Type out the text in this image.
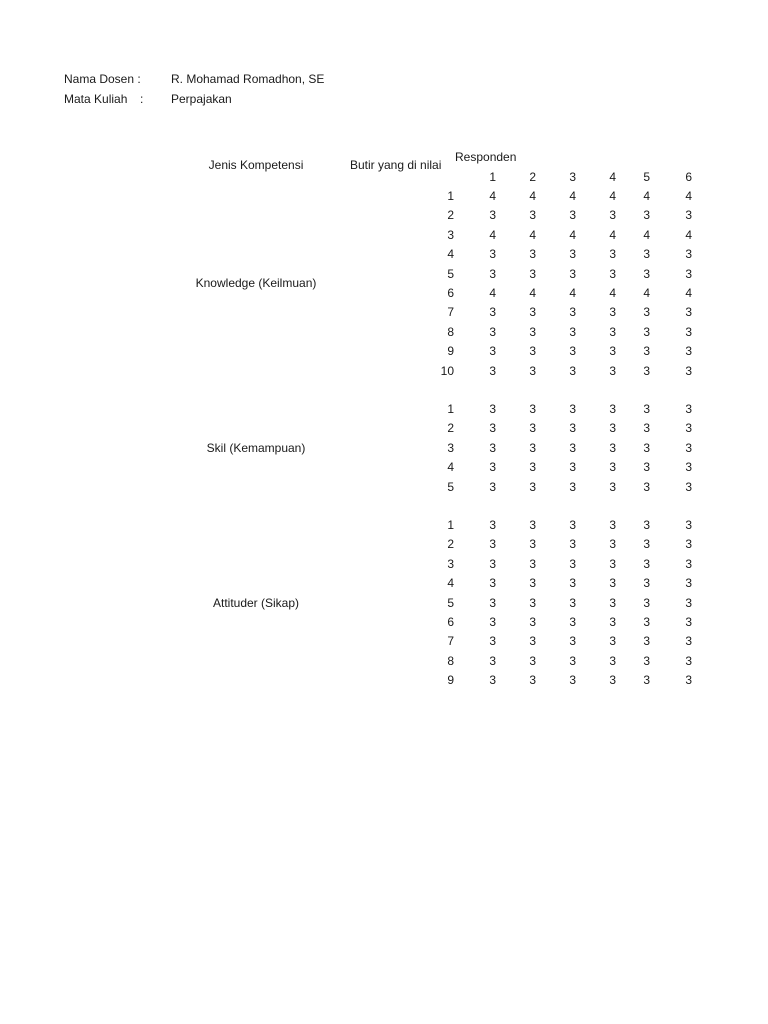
Nama Dosen :	R. Mohamad Romadhon, SE
Mata Kuliah : Perpajakan
Jenis Kompetensi	Butir yang di nilai
Responden
1	2	3	4	5	6
Knowledge (Keilmuan)
1	4	4	4	4	4	4
2	3	3	3	3	3	3
3	4	4	4	4	4	4
4	3	3	3	3	3	3
5	3	3	3	3	3	3
6	4	4	4	4	4	4
7	3	3	3	3	3	3
8	3	3	3	3	3	3
9	3	3	3	3	3	3
10	3	3	3	3	3	3
Skil (Kemampuan)
1	3	3	3	3	3	3
2	3	3	3	3	3	3
3	3	3	3	3	3	3
4	3	3	3	3	3	3
5	3	3	3	3	3	3
Attituder (Sikap)
1	3	3	3	3	3	3
2	3	3	3	3	3	3
3	3	3	3	3	3	3
4	3	3	3	3	3	3
5	3	3	3	3	3	3
6	3	3	3	3	3	3
7	3	3	3	3	3	3
8	3	3	3	3	3	3
9	3	3	3	3	3	3
